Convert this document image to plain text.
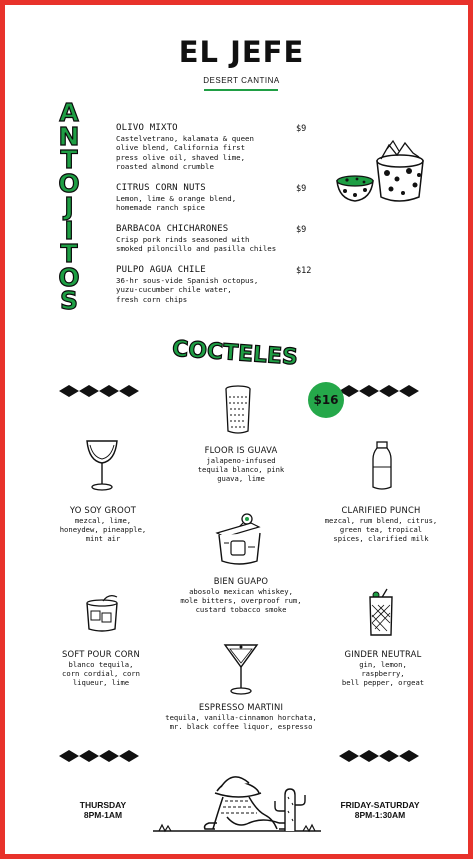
EL JEFE
DESERT CANTINA
A
N
T
O
J
I
T
O
S
OLIVO MIXTO
Castelvetrano, kalamata & queen
olive blend, California first
press olive oil, shaved lime,
roasted almond crumble
$9
CITRUS CORN NUTS
Lemon, lime & orange blend,
homemade ranch spice
$9
BARBACOA CHICHARONES
Crisp pork rinds seasoned with
smoked piloncillo and pasilla chiles
$9
PULPO AGUA CHILE
36-hr sous-vide Spanish octopus,
yuzu-cucumber chile water,
fresh corn chips
$12
COCTELES
$16
FLOOR IS GUAVA
jalapeno-infused
tequila blanco, pink
guava, lime
YO SOY GROOT
mezcal, lime,
honeydew, pineapple,
mint air
CLARIFIED PUNCH
mezcal, rum blend, citrus,
green tea, tropical
spices, clarified milk
BIEN GUAPO
abosolo mexican whiskey,
mole bitters, overproof rum,
custard tobacco smoke
SOFT POUR CORN
blanco tequila,
corn cordial, corn
liqueur, lime
GINDER NEUTRAL
gin, lemon,
raspberry,
bell pepper, orgeat
ESPRESSO MARTINI
tequila, vanilla-cinnamon horchata,
mr. black coffee liquor, espresso
THURSDAY
8PM-1AM
FRIDAY-SATURDAY
8PM-1:30AM
